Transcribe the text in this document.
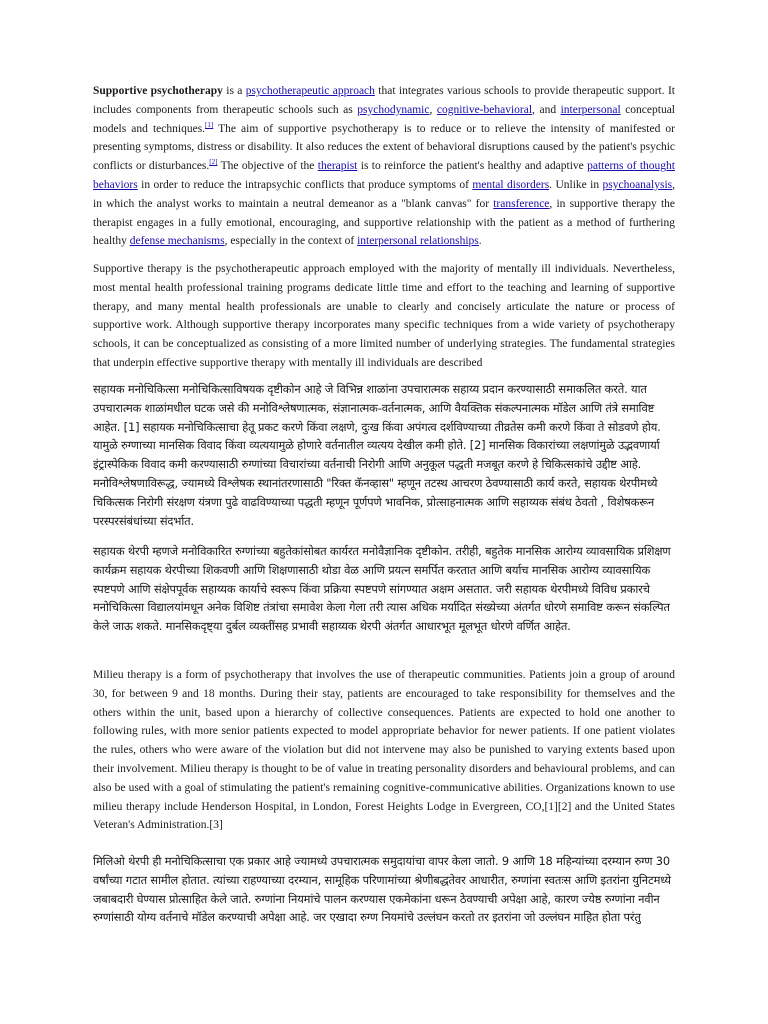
Supportive psychotherapy is a psychotherapeutic approach that integrates various schools to provide therapeutic support. It includes components from therapeutic schools such as psychodynamic, cognitive-behavioral, and interpersonal conceptual models and techniques.[1] The aim of supportive psychotherapy is to reduce or to relieve the intensity of manifested or presenting symptoms, distress or disability. It also reduces the extent of behavioral disruptions caused by the patient's psychic conflicts or disturbances.[2] The objective of the therapist is to reinforce the patient's healthy and adaptive patterns of thought behaviors in order to reduce the intrapsychic conflicts that produce symptoms of mental disorders. Unlike in psychoanalysis, in which the analyst works to maintain a neutral demeanor as a "blank canvas" for transference, in supportive therapy the therapist engages in a fully emotional, encouraging, and supportive relationship with the patient as a method of furthering healthy defense mechanisms, especially in the context of interpersonal relationships.

Supportive therapy is the psychotherapeutic approach employed with the majority of mentally ill individuals. Nevertheless, most mental health professional training programs dedicate little time and effort to the teaching and learning of supportive therapy, and many mental health professionals are unable to clearly and concisely articulate the nature or process of supportive work. Although supportive therapy incorporates many specific techniques from a wide variety of psychotherapy schools, it can be conceptualized as consisting of a more limited number of underlying strategies. The fundamental strategies that underpin effective supportive therapy with mentally ill individuals are described

सहायक मनोचिकित्सा मनोचिकित्साविषयक दृष्टीकोन आहे जे विभिन्न शाळांना उपचारात्मक सहाय्य प्रदान करण्यासाठी समाकलित करते. यात उपचारात्मक शाळांमधील घटक जसे की मनोविश्लेषणात्मक, संज्ञानात्मक-वर्तनात्मक, आणि वैयक्तिक संकल्पनात्मक मॉडेल आणि तंत्रे समाविष्ट आहेत. [1] सहायक मनोचिकित्साचा हेतू प्रकट करणे किंवा लक्षणे, दुःख किंवा अपंगत्व दर्शविण्याच्या तीव्रतेस कमी करणे किंवा ते सोडवणे होय. यामुळे रुग्णाच्या मानसिक विवाद किंवा व्यत्ययामुळे होणारे वर्तनातील व्यत्यय देखील कमी होते. [2] मानसिक विकारांच्या लक्षणांमुळे उद्भवणार्या इंट्रास्पेकिक विवाद कमी करण्यासाठी रुग्णांच्या विचारांच्या वर्तनाची निरोगी आणि अनुकूल पद्धती मजबूत करणे हे चिकित्सकांचे उद्दीष्ट आहे. मनोविश्लेषणाविरूद्ध, ज्यामध्ये विश्लेषक स्थानांतरणासाठी "रिक्त कॅनव्हास" म्हणून तटस्थ आचरण ठेवण्यासाठी कार्य करते, सहायक थेरपीमध्ये चिकित्सक निरोगी संरक्षण यंत्रणा पुढे वाढविण्याच्या पद्धती म्हणून पूर्णपणे भावनिक, प्रोत्साहनात्मक आणि सहाय्यक संबंध ठेवतो , विशेषकरून परस्परसंबंधांच्या संदर्भात.

सहायक थेरपी म्हणजे मनोविकारित रुग्णांच्या बहुतेकांसोबत कार्यरत मनोवैज्ञानिक दृष्टीकोन. तरीही, बहुतेक मानसिक आरोग्य व्यावसायिक प्रशिक्षण कार्यक्रम सहायक थेरपीच्या शिकवणी आणि शिक्षणासाठी थोडा वेळ आणि प्रयत्न समर्पित करतात आणि बर्याच मानसिक आरोग्य व्यावसायिक स्पष्टपणे आणि संक्षेपपूर्वक सहाय्यक कार्याचे स्वरूप किंवा प्रक्रिया स्पष्टपणे सांगण्यात अक्षम असतात. जरी सहायक थेरपीमध्ये विविध प्रकारचे मनोचिकित्सा विद्यालयांमधून अनेक विशिष्ट तंत्रांचा समावेश केला गेला तरी त्यास अधिक मर्यादित संख्येच्या अंतर्गत धोरणे समाविष्ट करून संकल्पित केले जाऊ शकते. मानसिकदृष्ट्या दुर्बल व्यक्तींसह प्रभावी सहाय्यक थेरपी अंतर्गत आधारभूत मूलभूत धोरणे वर्णित आहेत.

Milieu therapy is a form of psychotherapy that involves the use of therapeutic communities. Patients join a group of around 30, for between 9 and 18 months. During their stay, patients are encouraged to take responsibility for themselves and the others within the unit, based upon a hierarchy of collective consequences. Patients are expected to hold one another to following rules, with more senior patients expected to model appropriate behavior for newer patients. If one patient violates the rules, others who were aware of the violation but did not intervene may also be punished to varying extents based upon their involvement. Milieu therapy is thought to be of value in treating personality disorders and behavioural problems, and can also be used with a goal of stimulating the patient's remaining cognitive-communicative abilities. Organizations known to use milieu therapy include Henderson Hospital, in London, Forest Heights Lodge in Evergreen, CO,[1][2] and the United States Veteran's Administration.[3]

मिलिओ थेरपी ही मनोचिकित्साचा एक प्रकार आहे ज्यामध्ये उपचारात्मक समुदायांचा वापर केला जातो. 9 आणि 18 महिन्यांच्या दरम्यान रुग्ण 30 वर्षांच्या गटात सामील होतात. त्यांच्या राहण्याच्या दरम्यान, सामूहिक परिणामांच्या श्रेणीबद्धतेवर आधारीत, रुग्णांना स्वतःस आणि इतरांना युनिटमध्ये जबाबदारी घेण्यास प्रोत्साहित केले जाते. रुग्णांना नियमांचे पालन करण्यास एकमेकांना धरून ठेवण्याची अपेक्षा आहे, कारण ज्येष्ठ रुग्णांना नवीन रुग्णांसाठी योग्य वर्तनाचे मॉडेल करण्याची अपेक्षा आहे. जर एखादा रुग्ण नियमांचे उल्लंघन करतो तर इतरांना जो उल्लंघन माहित होता परंतु
